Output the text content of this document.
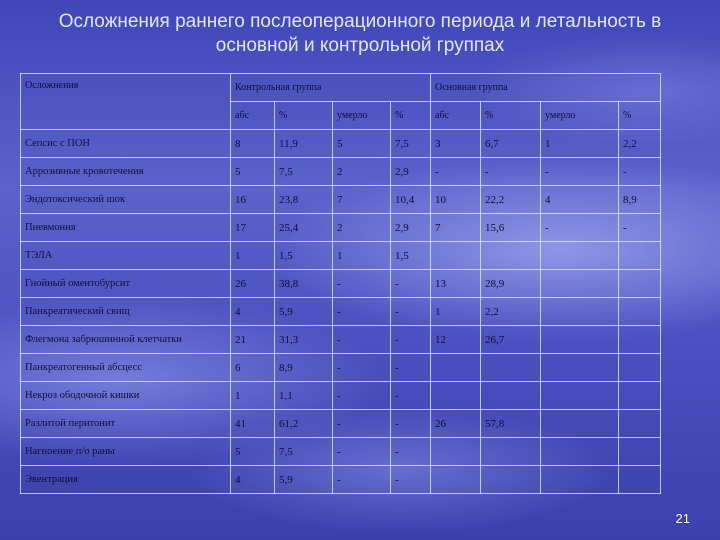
Осложнения раннего послеоперационного периода и летальность в основной и контрольной группах
Осложнения	Контрольная группа				Основная группа			
	абс	%	умерло	%	абс	%	умерло	%
Сепсис с ПОН	8	11,9	5	7,5	3	6,7	1	2,2
Аррозивные кровотечения	5	7,5	2	2,9	-	-	-	-
Эндотоксический шок	16	23,8	7	10,4	10	22,2	4	8,9
Пневмония	17	25,4	2	2,9	7	15,6	-	-
ТЭЛА	1	1,5	1	1,5				
Гнойный оментобурсит	26	38,8	-	-	13	28,9		
Панкреатический свищ	4	5,9	-	-	1	2,2		
Флегмона забрюшинной клетчатки	21	31,3	-	-	12	26,7		
Панкреатогенный абсцесс	6	8,9	-	-				
Некроз ободочной кишки	1	1,1	-	-				
Разлитой перитонит	41	61,2	-	-	26	57,8		
Нагноение п/о раны	5	7,5	-	-				
Эвентрация	4	5,9	-	-				
21
